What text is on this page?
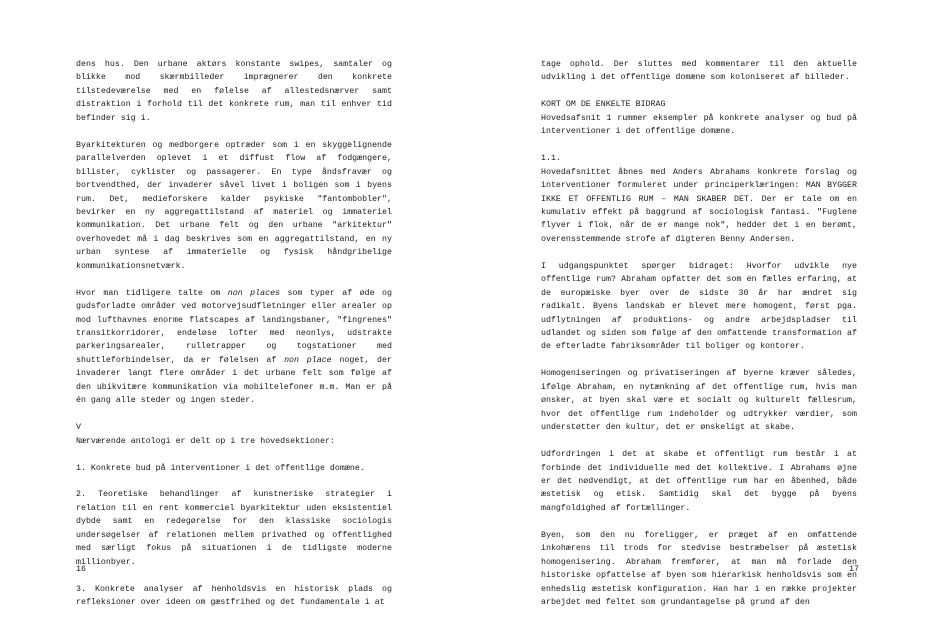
dens hus. Den urbane aktørs konstante swipes, samtaler og blikke mod skærmbilleder imprægnerer den konkrete tilstedeværelse med en følelse af allestedsnærver samt distraktion i forhold til det konkrete rum, man til enhver tid befinder sig i.

Byarkitekturen og medborgere optræder som i en skyggelignende parallelverden oplevet i et diffust flow af fodgængere, bilister, cyklister og passagerer. En type åndsfravær og bortvendthed, der invaderer såvel livet i boligen som i byens rum. Det, medieforskere kalder psykiske "fantombobler", bevirker en ny aggregattilstand af materiel og immateriel kommunikation. Det urbane felt og den urbane "arkitektur" overhovedet må i dag beskrives som en aggregattilstand, en ny urban syntese af immaterielle og fysisk håndgribelige kommunikationsnetværk.

Hvor man tidligere talte om non places som typer af øde og gudsforladte områder ved motorvejsudfletninger eller arealer op mod lufthavnes enorme flatscapes af landingsbaner, "fingrenes" transitkorridorer, endeløse lofter med neonlys, udstrakte parkeringsarealer, rulletrapper og togstationer med shuttleforbindelser, da er følelsen af non place noget, der invaderer langt flere områder i det urbane felt som følge af den ubikvitære kommunikation via mobiltelefoner m.m. Man er på én gang alle steder og ingen steder.

V

Nærværende antologi er delt op i tre hovedsektioner:

1. Konkrete bud på interventioner i det offentlige domæne.

2. Teoretiske behandlinger af kunstneriske strategier i relation til en rent kommerciel byarkitektur uden eksistentiel dybde samt en redegørelse for den klassiske sociologis undersøgelser af relationen mellem privathed og offentlighed med særligt fokus på situationen i de tidligste moderne millionbyer.

3. Konkrete analyser af henholdsvis en historisk plads og refleksioner over ideen om gæstfrihed og det fundamentale i at

16

tage ophold. Der sluttes med kommentarer til den aktuelle udvikling i det offentlige domæne som koloniseret af billeder.

KORT OM DE ENKELTE BIDRAG

Hovedsafsnit 1 rummer eksempler på konkrete analyser og bud på interventioner i det offentlige domæne.

1.1.

Hovedafsnittet åbnes med Anders Abrahams konkrete forslag og interventioner formuleret under principerklæringen: MAN BYGGER IKKE ET OFFENTLIG RUM – MAN SKABER DET. Der er tale om en kumulativ effekt på baggrund af sociologisk fantasi. "Fuglene flyver i flok, når de er mange nok", hedder det i en berømt, overensstemmende strofe af digteren Benny Andersen.

I udgangspunktet spørger bidraget: Hvorfor udvikle nye offentlige rum? Abraham opfatter det som en fælles erfaring, at de europæiske byer over de sidste 30 år har ændret sig radikalt. Byens landskab er blevet mere homogent, først pga. udflytningen af produktions- og andre arbejdspladser til udlandet og siden som følge af den omfattende transformation af de efterladte fabriksområder til boliger og kontorer.

Homogeniseringen og privatiseringen af byerne kræver således, ifølge Abraham, en nytænkning af det offentlige rum, hvis man ønsker, at byen skal være et socialt og kulturelt fællesrum, hvor det offentlige rum indeholder og udtrykker værdier, som understøtter den kultur, det er ønskeligt at skabe.

Udfordringen i det at skabe et offentligt rum består i at forbinde det individuelle med det kollektive. I Abrahams øjne er det nødvendigt, at det offentlige rum har en åbenhed, både æstetisk og etisk. Samtidig skal det bygge på byens mangfoldighed af fortællinger.

Byen, som den nu foreligger, er præget af en omfattende inkohærens til trods for stedvise bestræbelser på æstetisk homogenisering. Abraham fremfører, at man må forlade den historiske opfattelse af byen som hierarkisk henholdsvis som en enhedslig æstetisk konfiguration. Han har i en række projekter arbejdet med feltet som grundantagelse på grund af den

17
